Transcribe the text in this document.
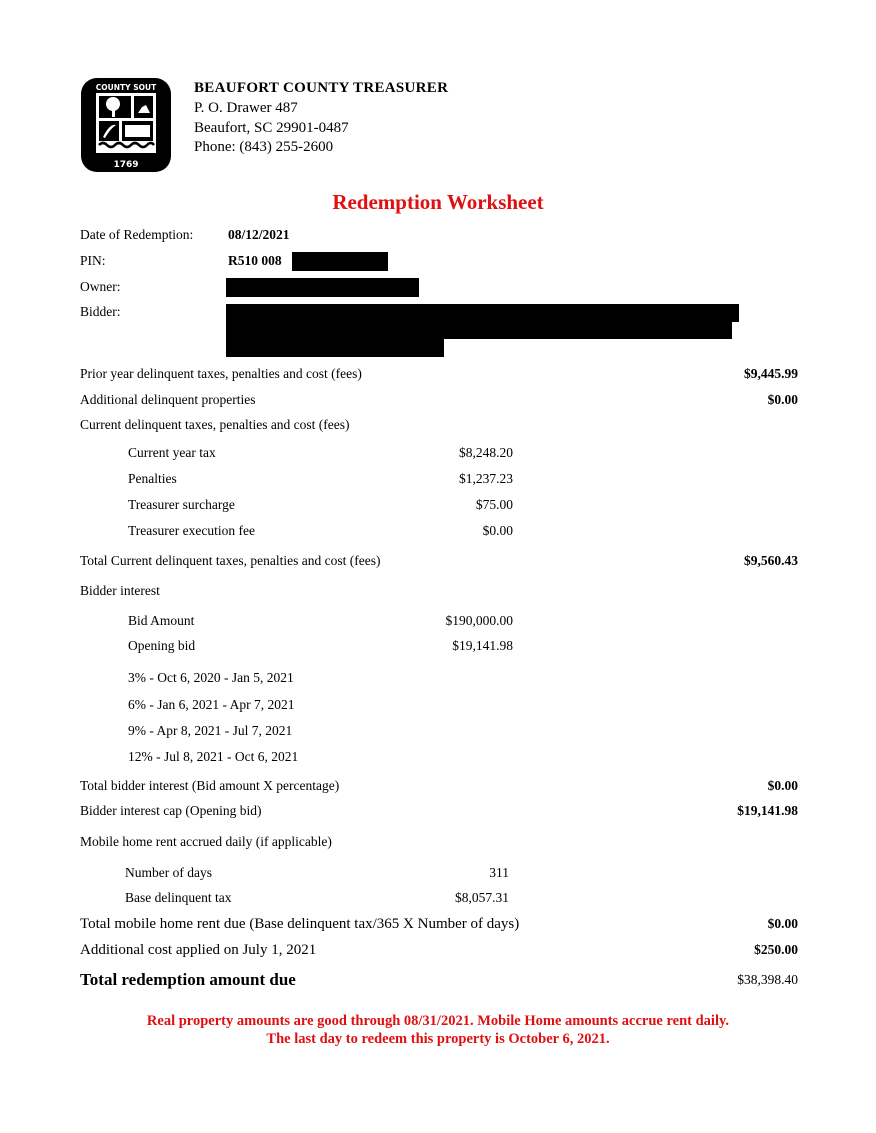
1769
COUNTY SOUT	BEAUFORT COUNTY TREASURER
P. O. Drawer 487
Beaufort, SC 29901-0487
Phone: (843) 255-2600
Redemption Worksheet
Date of Redemption:	08/12/2021
PIN:	R510 008
Owner:
Bidder:
Prior year delinquent taxes, penalties and cost (fees)	$9,445.99
Additional delinquent properties	$0.00
Current delinquent taxes, penalties and cost (fees)
Current year tax	$8,248.20
Penalties	$1,237.23
Treasurer surcharge	$75.00
Treasurer execution fee	$0.00
Total Current delinquent taxes, penalties and cost (fees)	$9,560.43
Bidder interest
Bid Amount	$190,000.00
Opening bid	$19,141.98
3% - Oct 6, 2020 - Jan 5, 2021
6% - Jan 6, 2021 - Apr 7, 2021
9% - Apr 8, 2021 - Jul 7, 2021
12% - Jul 8, 2021 - Oct 6, 2021
Total bidder interest (Bid amount X percentage)	$0.00
Bidder interest cap (Opening bid)	$19,141.98
Mobile home rent accrued daily (if applicable)
Number of days	311
Base delinquent tax	$8,057.31
Total mobile home rent due (Base delinquent tax/365 X Number of days)	$0.00
Additional cost applied on July 1, 2021	$250.00
Total redemption amount due	$38,398.40
Real property amounts are good through 08/31/2021. Mobile Home amounts accrue rent daily.
The last day to redeem this property is October 6, 2021.
